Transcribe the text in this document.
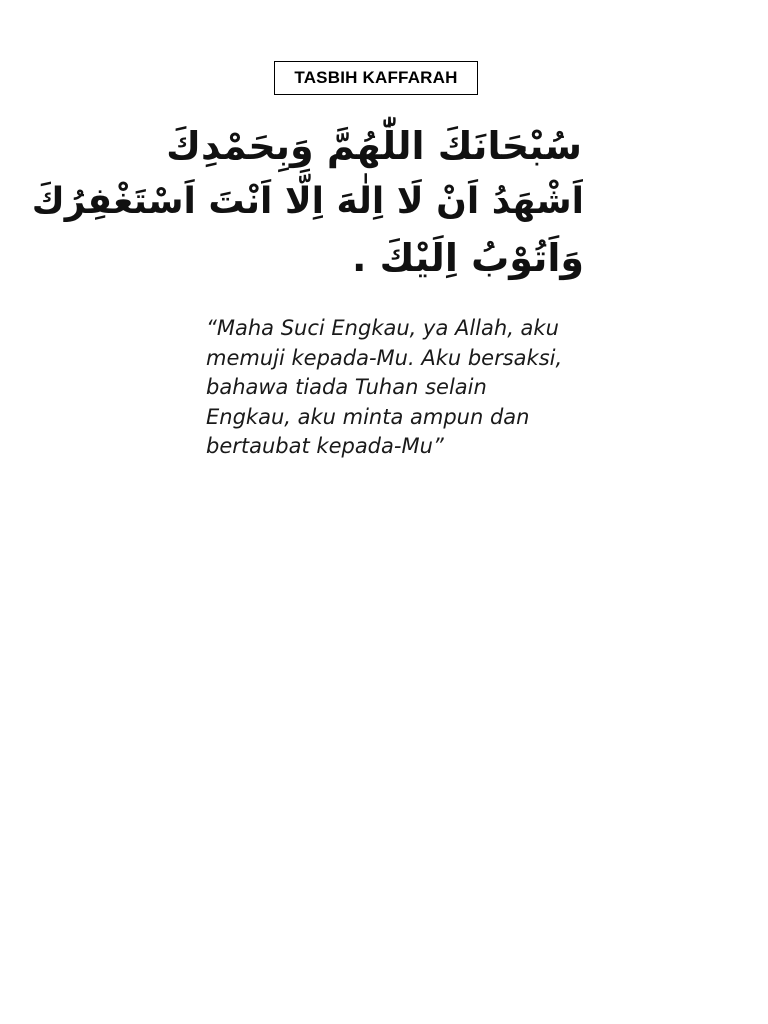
TASBIH KAFFARAH
سُبْحَانَكَ اللّٰهُمَّ وَبِحَمْدِكَ
اَشْهَدُ اَنْ لَا اِلٰهَ اِلَّا اَنْتَ اَسْتَغْفِرُكَ
وَاَتُوْبُ اِلَيْكَ .
“Maha Suci Engkau, ya Allah, aku
memuji kepada-Mu. Aku bersaksi,
bahawa tiada Tuhan selain
Engkau, aku minta ampun dan
bertaubat kepada-Mu”
